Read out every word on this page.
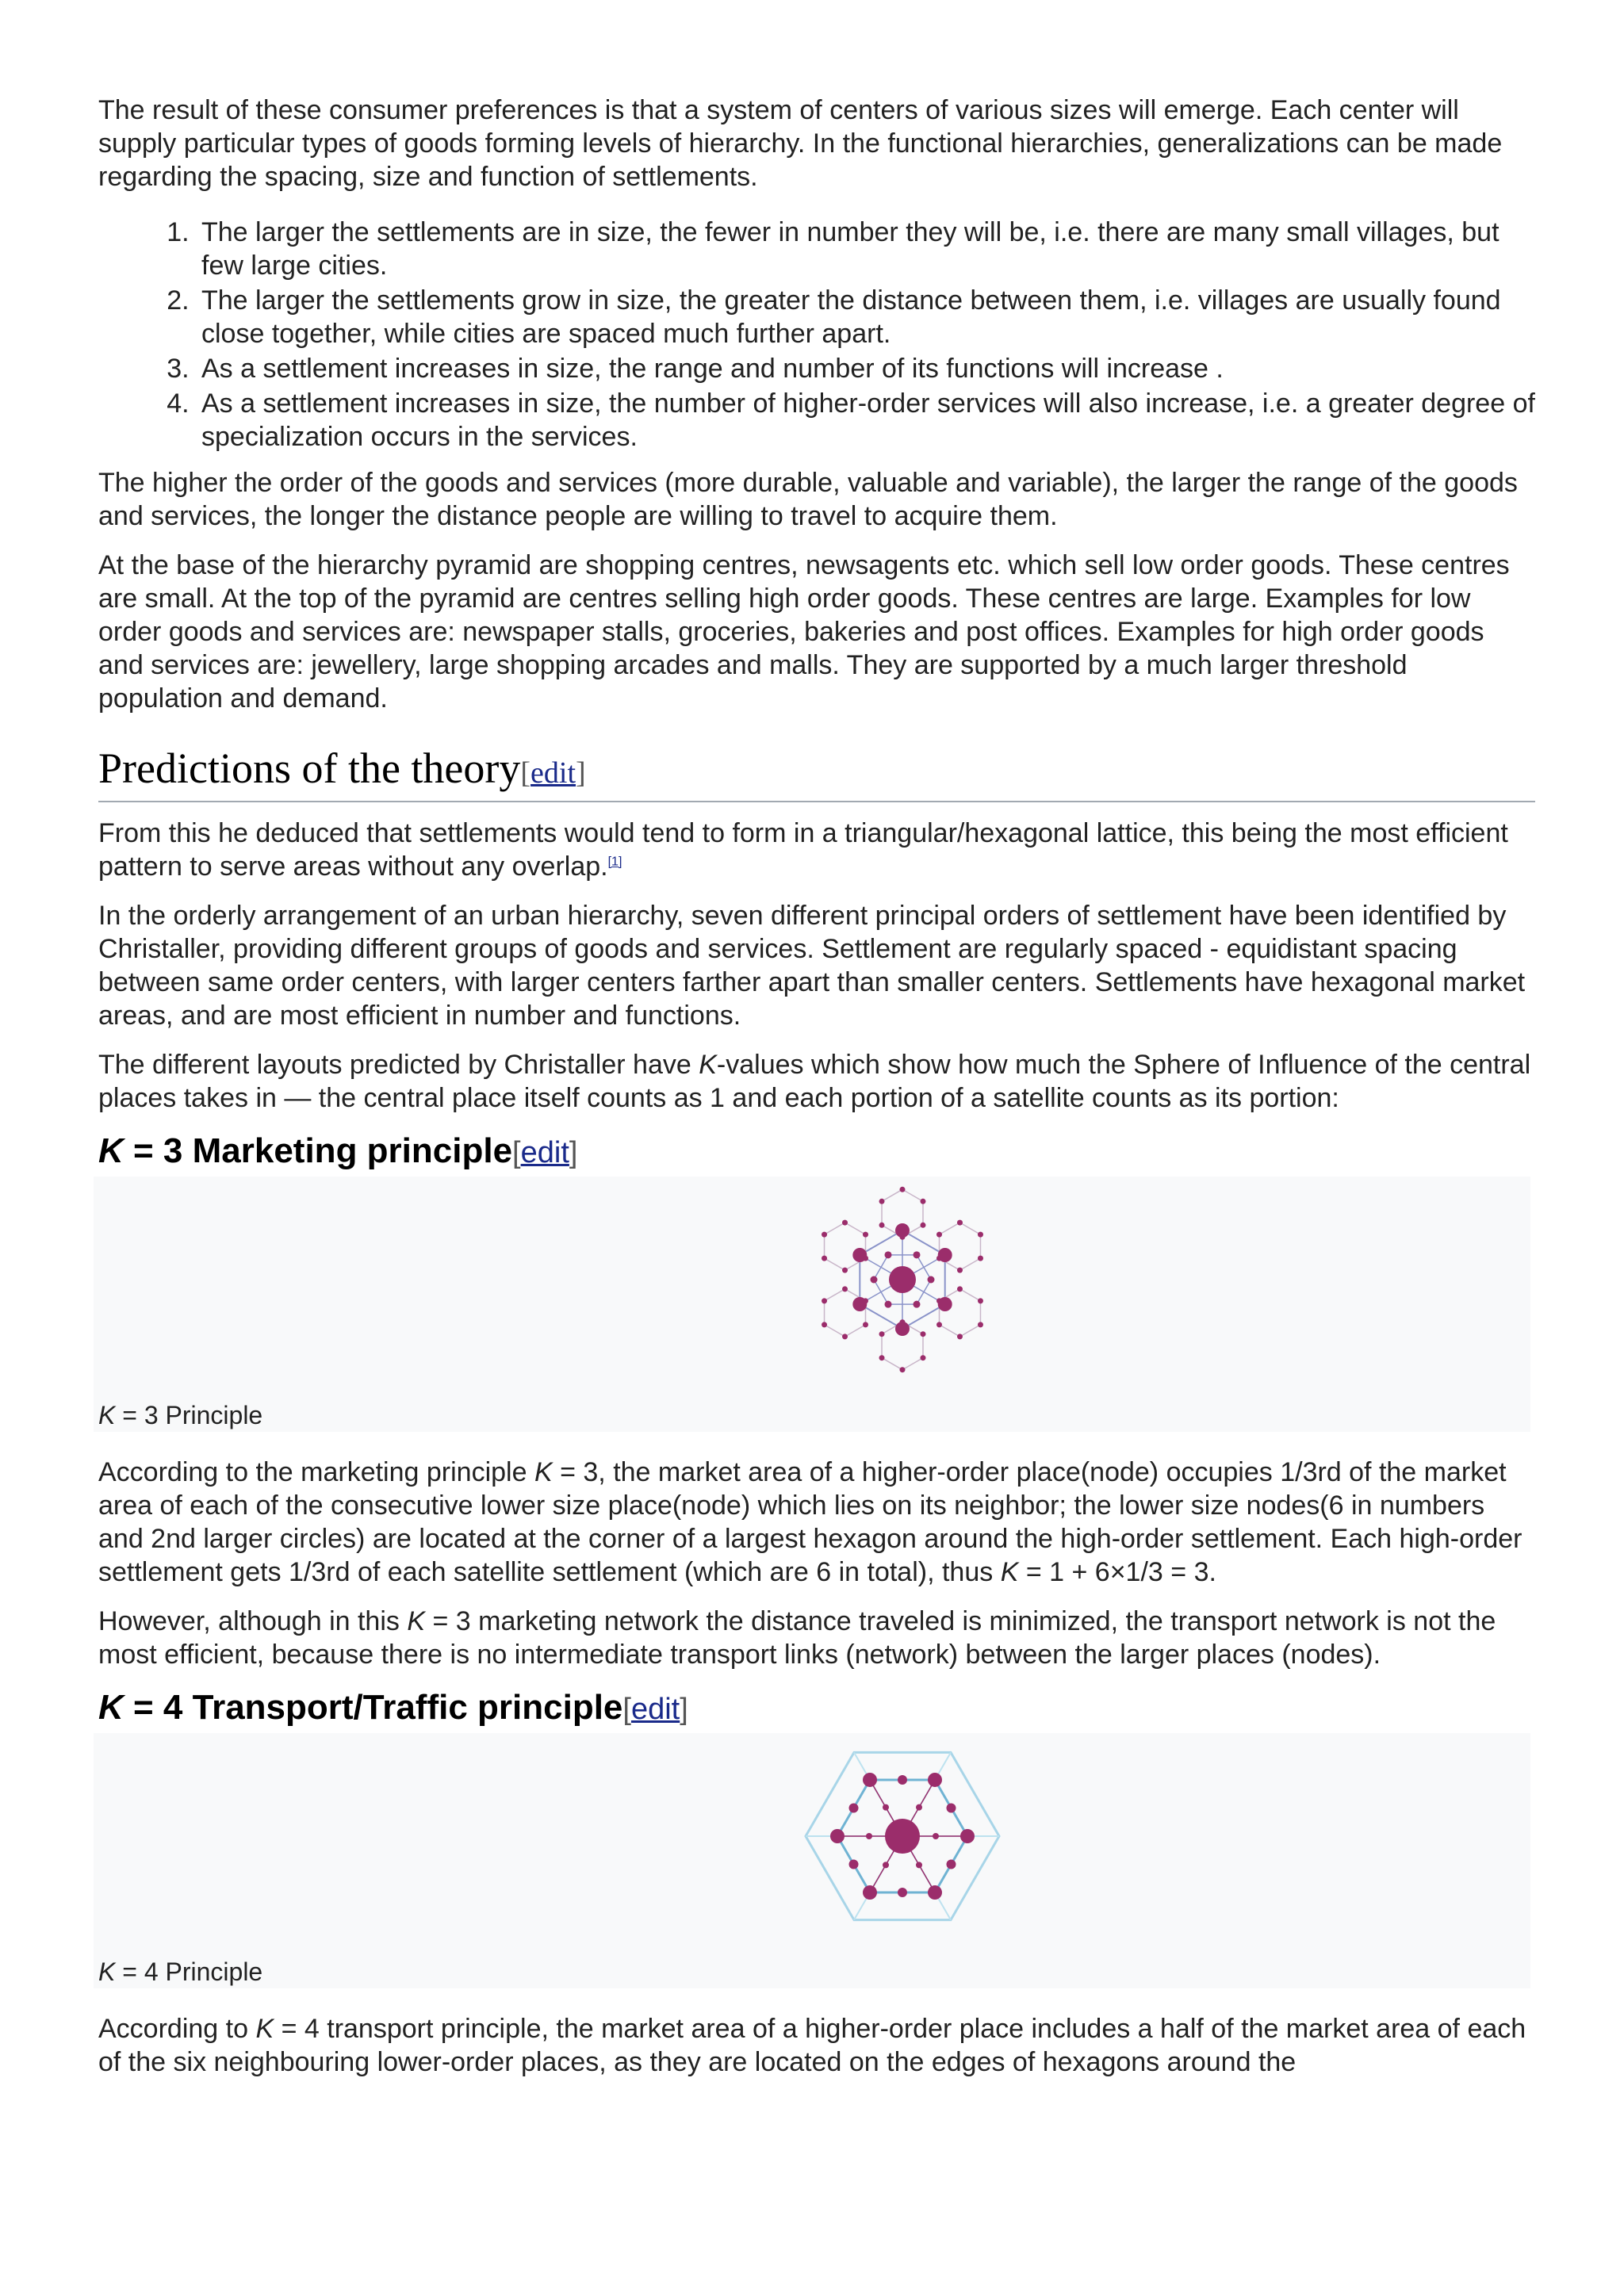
The result of these consumer preferences is that a system of centers of various sizes will emerge. Each center will supply particular types of goods forming levels of hierarchy. In the functional hierarchies, generalizations can be made regarding the spacing, size and function of settlements.

1. The larger the settlements are in size, the fewer in number they will be, i.e. there are many small villages, but few large cities.
2. The larger the settlements grow in size, the greater the distance between them, i.e. villages are usually found close together, while cities are spaced much further apart.
3. As a settlement increases in size, the range and number of its functions will increase .
4. As a settlement increases in size, the number of higher-order services will also increase, i.e. a greater degree of specialization occurs in the services.

The higher the order of the goods and services (more durable, valuable and variable), the larger the range of the goods and services, the longer the distance people are willing to travel to acquire them.

At the base of the hierarchy pyramid are shopping centres, newsagents etc. which sell low order goods. These centres are small. At the top of the pyramid are centres selling high order goods. These centres are large. Examples for low order goods and services are: newspaper stalls, groceries, bakeries and post offices. Examples for high order goods and services are: jewellery, large shopping arcades and malls. They are supported by a much larger threshold population and demand.

Predictions of the theory[edit]

From this he deduced that settlements would tend to form in a triangular/hexagonal lattice, this being the most efficient pattern to serve areas without any overlap.[1]

In the orderly arrangement of an urban hierarchy, seven different principal orders of settlement have been identified by Christaller, providing different groups of goods and services. Settlement are regularly spaced - equidistant spacing between same order centers, with larger centers farther apart than smaller centers. Settlements have hexagonal market areas, and are most efficient in number and functions.

The different layouts predicted by Christaller have K-values which show how much the Sphere of Influence of the central places takes in — the central place itself counts as 1 and each portion of a satellite counts as its portion:

K = 3 Marketing principle[edit]
K = 3 Principle

According to the marketing principle K = 3, the market area of a higher-order place(node) occupies 1/3rd of the market area of each of the consecutive lower size place(node) which lies on its neighbor; the lower size nodes(6 in numbers and 2nd larger circles) are located at the corner of a largest hexagon around the high-order settlement. Each high-order settlement gets 1/3rd of each satellite settlement (which are 6 in total), thus K = 1 + 6×1/3 = 3.

However, although in this K = 3 marketing network the distance traveled is minimized, the transport network is not the most efficient, because there is no intermediate transport links (network) between the larger places (nodes).

K = 4 Transport/Traffic principle[edit]
K = 4 Principle

According to K = 4 transport principle, the market area of a higher-order place includes a half of the market area of each of the six neighbouring lower-order places, as they are located on the edges of hexagons around the
